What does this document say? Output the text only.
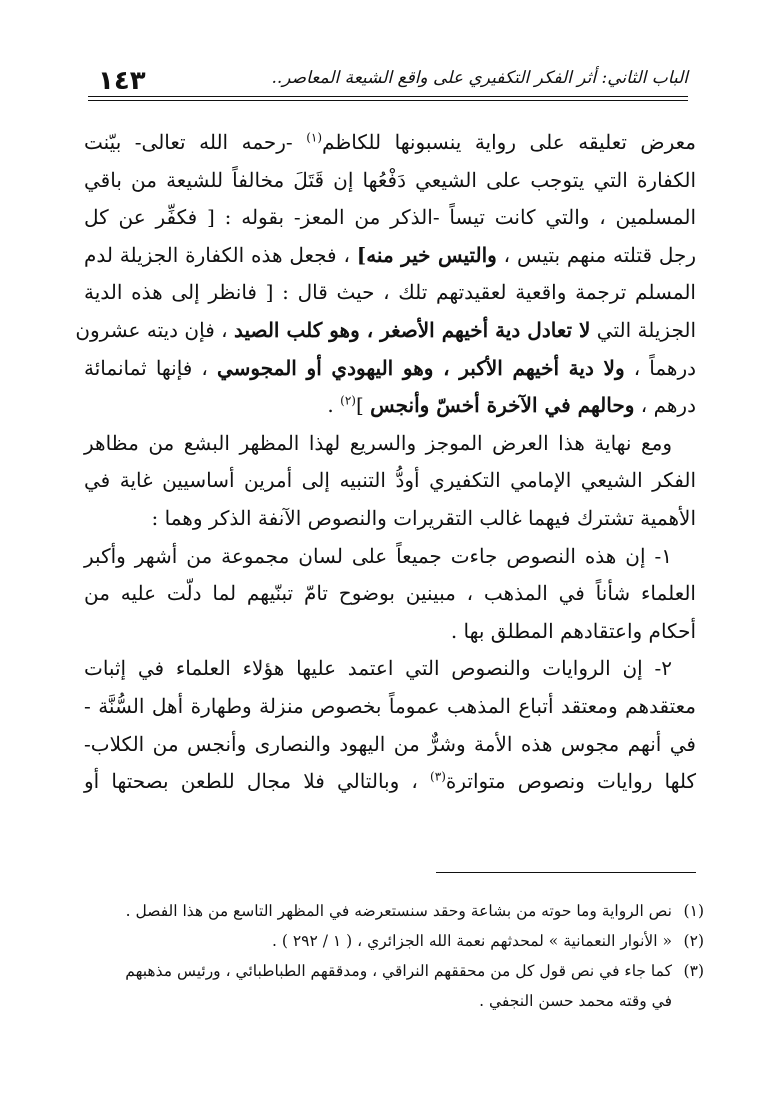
١٤٣	الباب الثاني: أثر الفكر التكفيري على واقع الشيعة المعاصر..
معرض تعليقه على رواية ينسبونها للكاظم$^{(١)}$ -رحمه الله تعالى- بيّنت
الكفارة التي يتوجب على الشيعي دَفْعُها إن قَتَلَ مخالفاً للشيعة من باقي
المسلمين ، والتي كانت تيساً -الذكر من المعز- بقوله : [ فكفِّر عن كل
رجل قتلته منهم بتيس ، والتيس خير منه] ، فجعل هذه الكفارة الجزيلة لدم
المسلم ترجمة واقعية لعقيدتهم تلك ، حيث قال : [ فانظر إلى هذه الدية
الجزيلة التي لا تعادل دية أخيهم الأصغر ، وهو كلب الصيد ، فإن ديته عشرون
درهماً ، ولا دية أخيهم الأكبر ، وهو اليهودي أو المجوسي ، فإنها ثمانمائة
درهم ، وحالهم في الآخرة أخسّ وأنجس ]$^{(٢)}$ .
ومع نهاية هذا العرض الموجز والسريع لهذا المظهر البشع من مظاهر
الفكر الشيعي الإمامي التكفيري أودُّ التنبيه إلى أمرين أساسيين غاية في
الأهمية تشترك فيهما غالب التقريرات والنصوص الآنفة الذكر وهما :
١- إن هذه النصوص جاءت جميعاً على لسان مجموعة من أشهر وأكبر
العلماء شأناً في المذهب ، مبينين بوضوح تامّ تبنّيهم لما دلّت عليه من
أحكام واعتقادهم المطلق بها .
٢- إن الروايات والنصوص التي اعتمد عليها هؤلاء العلماء في إثبات
معتقدهم ومعتقد أتباع المذهب عموماً بخصوص منزلة وطهارة أهل السُّنَّة -
في أنهم مجوس هذه الأمة وشرٌّ من اليهود والنصارى وأنجس من الكلاب-
كلها روايات ونصوص متواترة$^{(٣)}$ ، وبالتالي فلا مجال للطعن بصحتها أو
(١)نص الرواية وما حوته من بشاعة وحقد سنستعرضه في المظهر التاسع من هذا الفصل .
(٢)« الأنوار النعمانية » لمحدثهم نعمة الله الجزائري ، ( ١ / ٢٩٢ ) .
(٣)كما جاء في نص قول كل من محققهم النراقي ، ومدققهم الطباطبائي ، ورئيس مذهبهم
في وقته محمد حسن النجفي .
